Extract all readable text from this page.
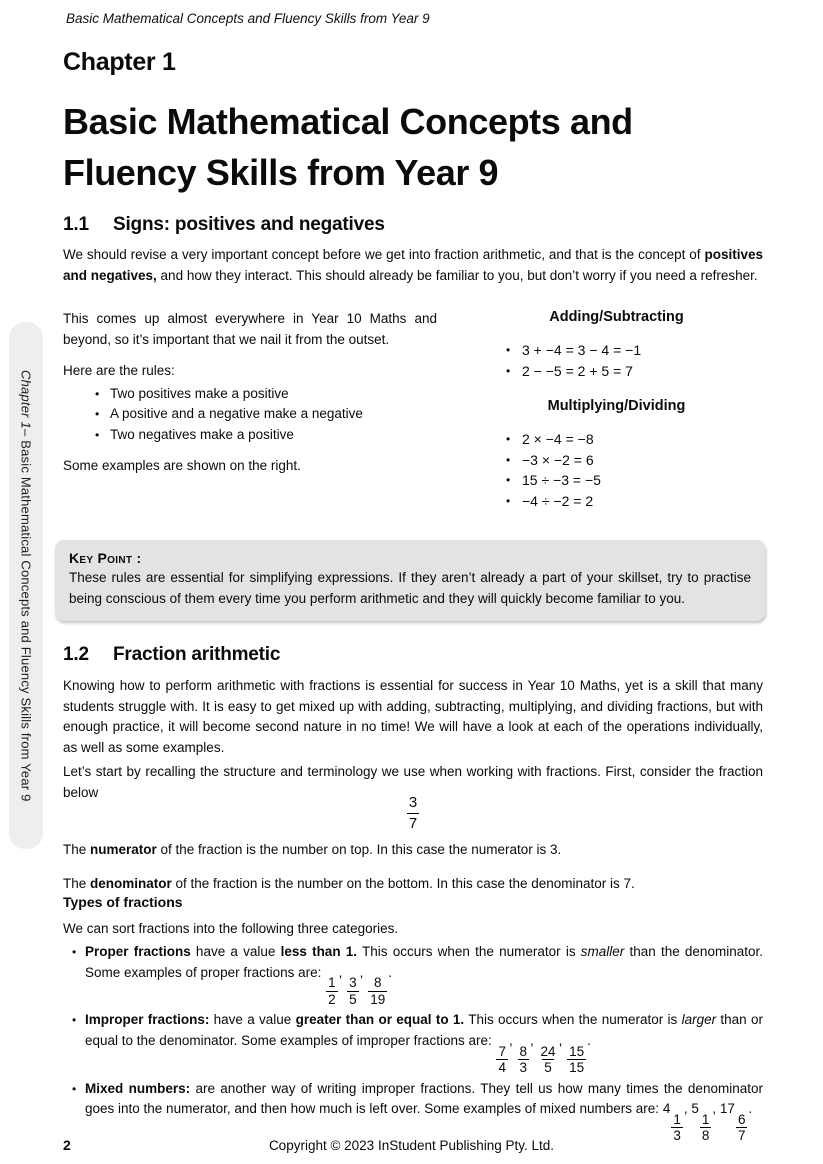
Basic Mathematical Concepts and Fluency Skills from Year 9
Chapter 1
– Basic Mathematical Concepts and Fluency Skills from Year 9
Chapter 1
Basic Mathematical Concepts and
Fluency Skills from Year 9
1.1	Signs: positives and negatives
We should revise a very important concept before we get into fraction arithmetic, and that is the concept of positives and negatives, and how they interact. This should already be familiar to you, but don’t worry if you need a refresher.

This comes up almost everywhere in Year 10 Maths and beyond, so it’s important that we nail it from the outset.

Here are the rules:

• Two positives make a positive
• A positive and a negative make a negative
• Two negatives make a positive

Some examples are shown on the right.

Adding/Subtracting

• 3 + −4 = 3 − 4 = −1
• 2 − −5 = 2 + 5 = 7

Multiplying/Dividing

• 2 × −4 = −8
• −3 × −2 = 6
• 15 ÷ −3 = −5
• −4 ÷ −2 = 2
Key Point :
These rules are essential for simplifying expressions. If they aren’t already a part of your skillset, try to practise being conscious of them every time you perform arithmetic and they will quickly become familiar to you.
1.2	Fraction arithmetic
Knowing how to perform arithmetic with fractions is essential for success in Year 10 Maths, yet is a skill that many students struggle with. It is easy to get mixed up with adding, subtracting, multiplying, and dividing fractions, but with enough practice, it will become second nature in no time! We will have a look at each of the operations individually, as well as some examples.
Let’s start by recalling the structure and terminology we use when working with fractions. First, consider the fraction below
$\frac{3}{7}$
The numerator of the fraction is the number on top. In this case the numerator is 3.
The denominator of the fraction is the number on the bottom. In this case the denominator is 7.
Types of fractions
We can sort fractions into the following three categories.
• Proper fractions have a value less than 1. This occurs when the numerator is smaller than the denominator. Some examples of proper fractions are:
$\frac{1}{2}$
,
$\frac{3}{5}$
,
$\frac{8}{19}$
.
• Improper fractions: have a value greater than or equal to 1. This occurs when the numerator is larger than or equal to the denominator. Some examples of improper fractions are:
$\frac{7}{4}$
,
$\frac{8}{3}$
,
$\frac{24}{5}$
,
$\frac{15}{15}$
.
• Mixed numbers: are another way of writing improper fractions. They tell us how many times the denominator goes into the numerator, and then how much is left over. Some examples of mixed numbers are: 4
$\frac{1}{3}$
, 5
$\frac{1}{8}$
, 17
$\frac{6}{7}$
.
2	Copyright © 2023 InStudent Publishing Pty. Ltd.
